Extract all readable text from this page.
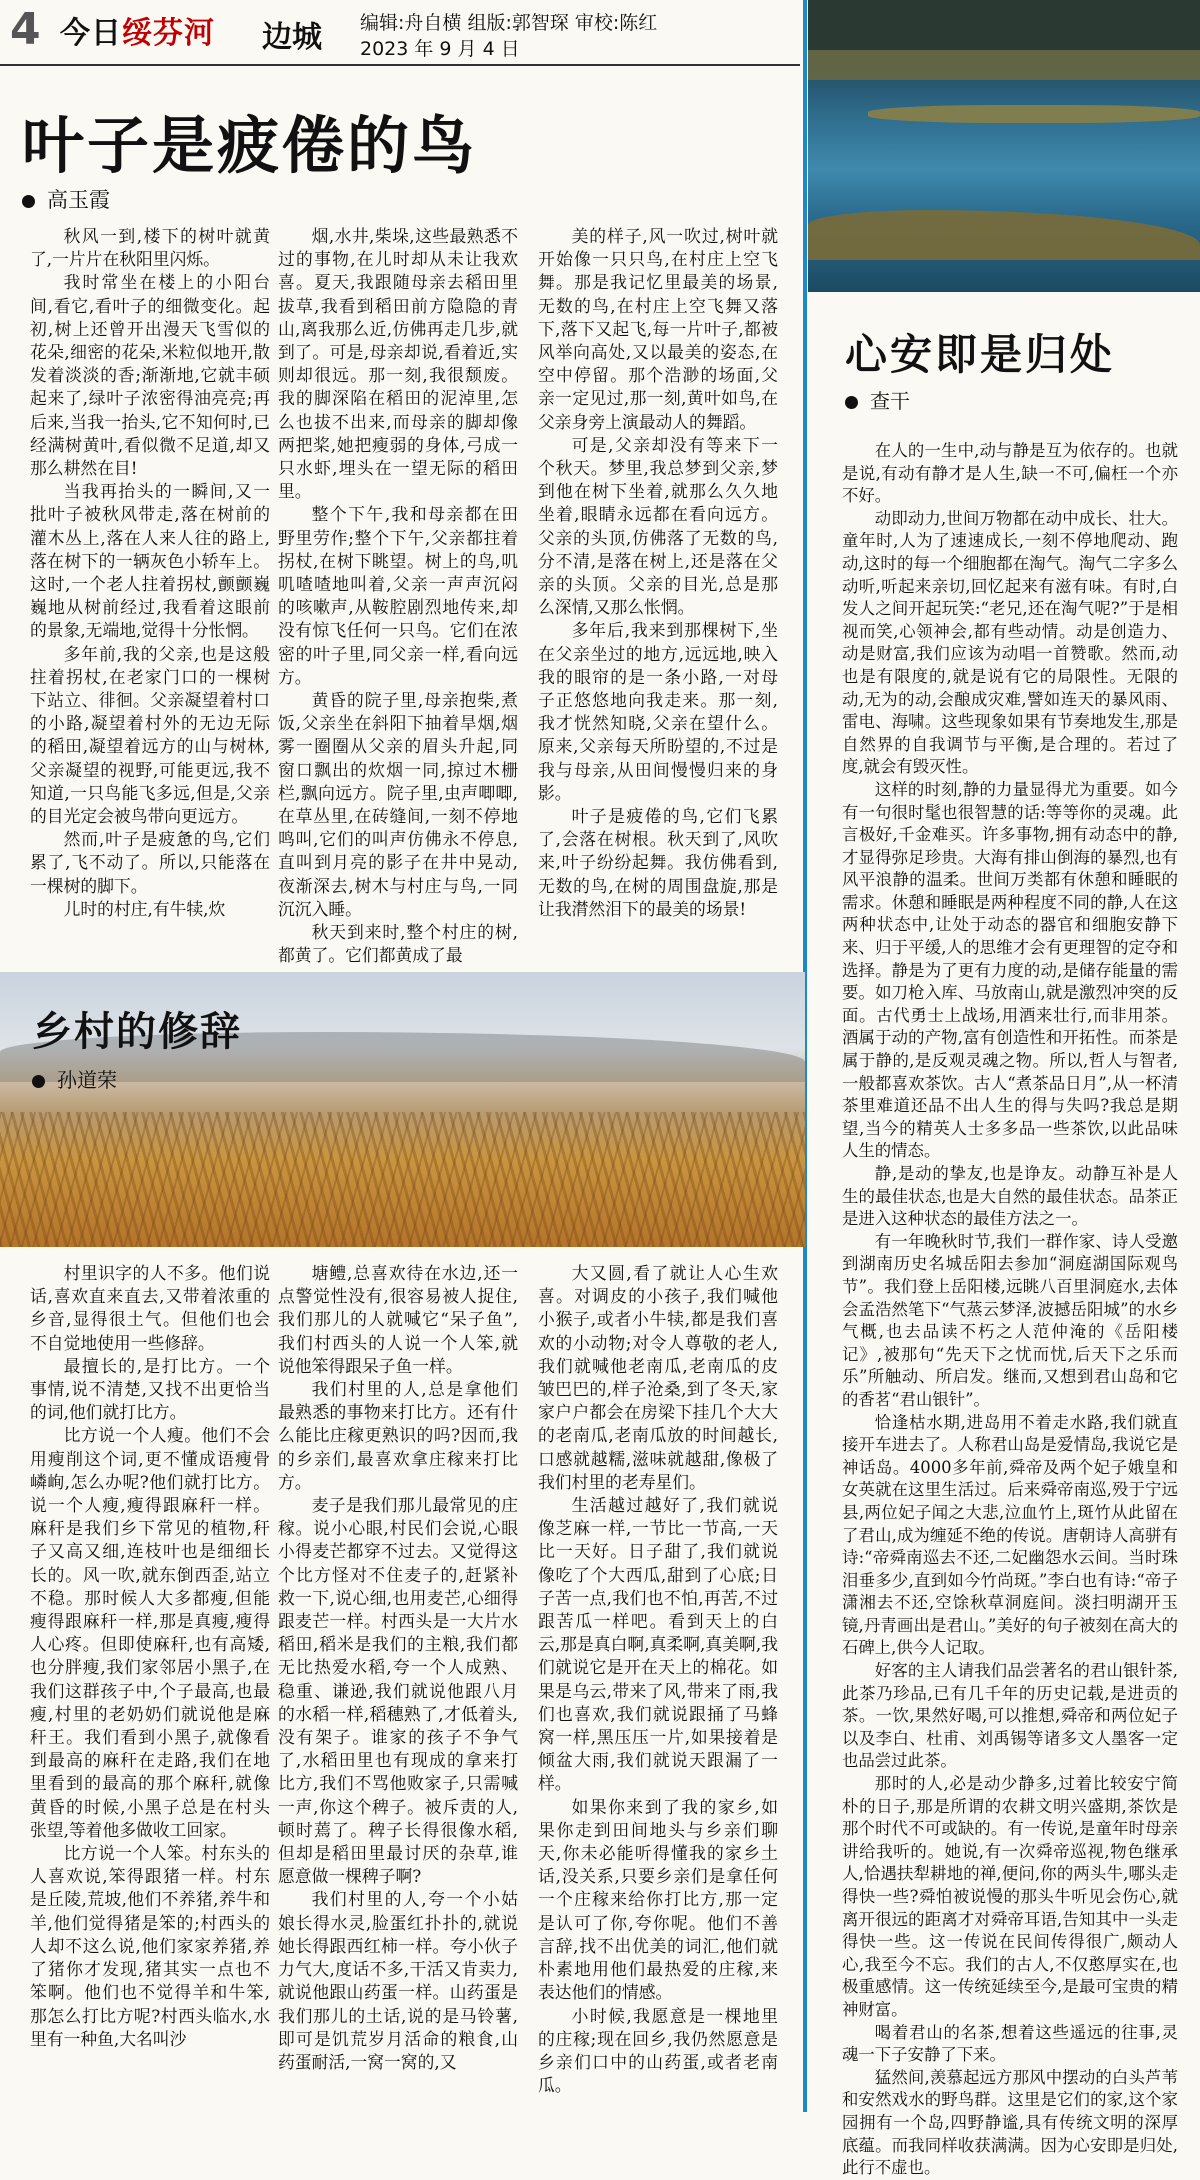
4 今日绥芬河 边城 编辑:舟自横 组版:郭智琛 审校:陈红
2023 年 9 月 4 日
叶子是疲倦的鸟
高玉霞

秋风一到,楼下的树叶就黄了,一片片在秋阳里闪烁。

我时常坐在楼上的小阳台间,看它,看叶子的细微变化。起初,树上还曾开出漫天飞雪似的花朵,细密的花朵,米粒似地开,散发着淡淡的香;渐渐地,它就丰硕起来了,绿叶子浓密得油亮亮;再后来,当我一抬头,它不知何时,已经满树黄叶,看似微不足道,却又那么耕然在目!

当我再抬头的一瞬间,又一批叶子被秋风带走,落在树前的灌木丛上,落在人来人往的路上,落在树下的一辆灰色小轿车上。这时,一个老人拄着拐杖,颤颤巍巍地从树前经过,我看着这眼前的景象,无端地,觉得十分怅惘。

多年前,我的父亲,也是这般拄着拐杖,在老家门口的一棵树下站立、徘徊。父亲凝望着村口的小路,凝望着村外的无边无际的稻田,凝望着远方的山与树林,父亲凝望的视野,可能更远,我不知道,一只鸟能飞多远,但是,父亲的目光定会被鸟带向更远方。

然而,叶子是疲惫的鸟,它们累了,飞不动了。所以,只能落在一棵树的脚下。

儿时的村庄,有牛犊,炊

烟,水井,柴垛,这些最熟悉不过的事物,在儿时却从未让我欢喜。夏天,我跟随母亲去稻田里拔草,我看到稻田前方隐隐的青山,离我那么近,仿佛再走几步,就到了。可是,母亲却说,看着近,实则却很远。那一刻,我很颓废。我的脚深陷在稻田的泥淖里,怎么也拔不出来,而母亲的脚却像两把桨,她把瘦弱的身体,弓成一只水虾,埋头在一望无际的稻田里。

整个下午,我和母亲都在田野里劳作;整个下午,父亲都拄着拐杖,在树下眺望。树上的鸟,叽叽喳喳地叫着,父亲一声声沉闷的咳嗽声,从鞍腔剧烈地传来,却没有惊飞任何一只鸟。它们在浓密的叶子里,同父亲一样,看向远方。

黄昏的院子里,母亲抱柴,煮饭,父亲坐在斜阳下抽着旱烟,烟雾一圈圈从父亲的眉头升起,同窗口飘出的炊烟一同,掠过木栅栏,飘向远方。院子里,虫声唧唧,在草丛里,在砖缝间,一刻不停地鸣叫,它们的叫声仿佛永不停息,直叫到月亮的影子在井中晃动,夜渐深去,树木与村庄与鸟,一同沉沉入睡。

秋天到来时,整个村庄的树,都黄了。它们都黄成了最

美的样子,风一吹过,树叶就开始像一只只鸟,在村庄上空飞舞。那是我记忆里最美的场景,无数的鸟,在村庄上空飞舞又落下,落下又起飞,每一片叶子,都被风举向高处,又以最美的姿态,在空中停留。那个浩渺的场面,父亲一定见过,那一刻,黄叶如鸟,在父亲身旁上演最动人的舞蹈。

可是,父亲却没有等来下一个秋天。梦里,我总梦到父亲,梦到他在树下坐着,就那么久久地坐着,眼睛永远都在看向远方。父亲的头顶,仿佛落了无数的鸟,分不清,是落在树上,还是落在父亲的头顶。父亲的目光,总是那么深情,又那么怅惘。

多年后,我来到那棵树下,坐在父亲坐过的地方,远远地,映入我的眼帘的是一条小路,一对母子正悠悠地向我走来。那一刻,我才恍然知晓,父亲在望什么。原来,父亲每天所盼望的,不过是我与母亲,从田间慢慢归来的身影。

叶子是疲倦的鸟,它们飞累了,会落在树根。秋天到了,风吹来,叶子纷纷起舞。我仿佛看到,无数的鸟,在树的周围盘旋,那是让我潸然泪下的最美的场景!

乡村的修辞
孙道荣

村里识字的人不多。他们说话,喜欢直来直去,又带着浓重的乡音,显得很土气。但他们也会不自觉地使用一些修辞。

最擅长的,是打比方。一个事情,说不清楚,又找不出更恰当的词,他们就打比方。

比方说一个人瘦。他们不会用瘦削这个词,更不懂成语瘦骨嶙峋,怎么办呢?他们就打比方。说一个人瘦,瘦得跟麻秆一样。麻秆是我们乡下常见的植物,秆子又高又细,连枝叶也是细细长长的。风一吹,就东倒西歪,站立不稳。那时候人大多都瘦,但能瘦得跟麻秆一样,那是真瘦,瘦得人心疼。但即使麻秆,也有高矮,也分胖瘦,我们家邻居小黑子,在我们这群孩子中,个子最高,也最瘦,村里的老奶奶们就说他是麻秆王。我们看到小黑子,就像看到最高的麻秆在走路,我们在地里看到的最高的那个麻秆,就像黄昏的时候,小黑子总是在村头张望,等着他多做收工回家。

比方说一个人笨。村东头的人喜欢说,笨得跟猪一样。村东是丘陵,荒坡,他们不养猪,养牛和羊,他们觉得猪是笨的;村西头的人却不这么说,他们家家养猪,养了猪你才发现,猪其实一点也不笨啊。他们也不觉得羊和牛笨,那怎么打比方呢?村西头临水,水里有一种鱼,大名叫沙

塘鳢,总喜欢待在水边,还一点警觉性没有,很容易被人捉住,我们那儿的人就喊它“呆子鱼”,我们村西头的人说一个人笨,就说他笨得跟呆子鱼一样。

我们村里的人,总是拿他们最熟悉的事物来打比方。还有什么能比庄稼更熟识的吗?因而,我的乡亲们,最喜欢拿庄稼来打比方。

麦子是我们那儿最常见的庄稼。说小心眼,村民们会说,心眼小得麦芒都穿不过去。又觉得这个比方怪对不住麦子的,赶紧补救一下,说心细,也用麦芒,心细得跟麦芒一样。村西头是一大片水稻田,稻米是我们的主粮,我们都无比热爱水稻,夸一个人成熟、稳重、谦逊,我们就说他跟八月的水稻一样,稻穗熟了,才低着头,没有架子。谁家的孩子不争气了,水稻田里也有现成的拿来打比方,我们不骂他败家子,只需喊一声,你这个稗子。被斥责的人,顿时蔫了。稗子长得很像水稻,但却是稻田里最讨厌的杂草,谁愿意做一棵稗子啊?

我们村里的人,夸一个小姑娘长得水灵,脸蛋红扑扑的,就说她长得跟西红柿一样。夸小伙子力气大,度话不多,干活又肯卖力,就说他跟山药蛋一样。山药蛋是我们那儿的土话,说的是马铃薯,即可是饥荒岁月活命的粮食,山药蛋耐活,一窝一窝的,又

大又圆,看了就让人心生欢喜。对调皮的小孩子,我们喊他小猴子,或者小牛犊,都是我们喜欢的小动物;对令人尊敬的老人,我们就喊他老南瓜,老南瓜的皮皱巴巴的,样子沧桑,到了冬天,家家户户都会在房梁下挂几个大大的老南瓜,老南瓜放的时间越长,口感就越糯,滋味就越甜,像极了我们村里的老寿星们。

生活越过越好了,我们就说像芝麻一样,一节比一节高,一天比一天好。日子甜了,我们就说像吃了个大西瓜,甜到了心底;日子苦一点,我们也不怕,再苦,不过跟苦瓜一样吧。看到天上的白云,那是真白啊,真柔啊,真美啊,我们就说它是开在天上的棉花。如果是乌云,带来了风,带来了雨,我们也喜欢,我们就说跟捅了马蜂窝一样,黑压压一片,如果接着是倾盆大雨,我们就说天跟漏了一样。

如果你来到了我的家乡,如果你走到田间地头与乡亲们聊天,你未必能听得懂我的家乡土话,没关系,只要乡亲们是拿任何一个庄稼来给你打比方,那一定是认可了你,夸你呢。他们不善言辞,找不出优美的词汇,他们就朴素地用他们最热爱的庄稼,来表达他们的情感。

小时候,我愿意是一棵地里的庄稼;现在回乡,我仍然愿意是乡亲们口中的山药蛋,或者老南瓜。

心安即是归处
查干

在人的一生中,动与静是互为依存的。也就是说,有动有静才是人生,缺一不可,偏枉一个亦不好。

动即动力,世间万物都在动中成长、壮大。童年时,人为了速速成长,一刻不停地爬动、跑动,这时的每一个细胞都在淘气。淘气二字多么动听,听起来亲切,回忆起来有滋有味。有时,白发人之间开起玩笑:“老兄,还在淘气呢?”于是相视而笑,心领神会,都有些动情。动是创造力、动是财富,我们应该为动唱一首赞歌。然而,动也是有限度的,就是说有它的局限性。无限的动,无为的动,会酿成灾难,譬如连天的暴风雨、雷电、海啸。这些现象如果有节奏地发生,那是自然界的自我调节与平衡,是合理的。若过了度,就会有毁灭性。

这样的时刻,静的力量显得尤为重要。如今有一句很时髦也很智慧的话:等等你的灵魂。此言极好,千金难买。许多事物,拥有动态中的静,才显得弥足珍贵。大海有排山倒海的暴烈,也有风平浪静的温柔。世间万类都有休憩和睡眠的需求。休憩和睡眠是两种程度不同的静,人在这两种状态中,让处于动态的器官和细胞安静下来、归于平缓,人的思维才会有更理智的定夺和选择。静是为了更有力度的动,是储存能量的需要。如刀枪入库、马放南山,就是激烈冲突的反面。古代勇士上战场,用酒来壮行,而非用茶。酒属于动的产物,富有创造性和开拓性。而茶是属于静的,是反观灵魂之物。所以,哲人与智者,一般都喜欢茶饮。古人“煮茶品日月”,从一杯清茶里难道还品不出人生的得与失吗?我总是期望,当今的精英人士多多品一些茶饮,以此品味人生的情态。

静,是动的挚友,也是诤友。动静互补是人生的最佳状态,也是大自然的最佳状态。品茶正是进入这种状态的最佳方法之一。

有一年晚秋时节,我们一群作家、诗人受邀到湖南历史名城岳阳去参加“洞庭湖国际观鸟节”。我们登上岳阳楼,远眺八百里洞庭水,去体会孟浩然笔下“气蒸云梦泽,波撼岳阳城”的水乡气概,也去品读不朽之人范仲淹的《岳阳楼记》,被那句“先天下之忧而忧,后天下之乐而乐”所触动、所启发。继而,又想到君山岛和它的香茗“君山银针”。

恰逢枯水期,进岛用不着走水路,我们就直接开车进去了。人称君山岛是爱情岛,我说它是神话岛。4000多年前,舜帝及两个妃子娥皇和女英就在这里生活过。后来舜帝南巡,殁于宁远县,两位妃子闻之大悲,泣血竹上,斑竹从此留在了君山,成为缠延不绝的传说。唐朝诗人高骈有诗:“帝舜南巡去不还,二妃幽怨水云间。当时珠泪垂多少,直到如今竹尚斑。”李白也有诗:“帝子潇湘去不还,空馀秋草洞庭间。淡扫明湖开玉镜,丹青画出是君山。”美好的句子被刻在高大的石碑上,供今人记取。

好客的主人请我们品尝著名的君山银针茶,此茶乃珍品,已有几千年的历史记载,是进贡的茶。一饮,果然好喝,可以推想,舜帝和两位妃子以及李白、杜甫、刘禹锡等诸多文人墨客一定也品尝过此茶。

那时的人,必是动少静多,过着比较安宁简朴的日子,那是所谓的农耕文明兴盛期,茶饮是那个时代不可或缺的。有一传说,是童年时母亲讲给我听的。她说,有一次舜帝巡视,物色继承人,恰遇扶犁耕地的禅,便问,你的两头牛,哪头走得快一些?舜怕被说慢的那头牛听见会伤心,就离开很远的距离才对舜帝耳语,告知其中一头走得快一些。这一传说在民间传得很广,颇动人心,我至今不忘。我们的古人,不仅憨厚实在,也极重感情。这一传统延续至今,是最可宝贵的精神财富。

喝着君山的名茶,想着这些遥远的往事,灵魂一下子安静了下来。

猛然间,羡慕起远方那风中摆动的白头芦苇和安然戏水的野鸟群。这里是它们的家,这个家园拥有一个岛,四野静谧,具有传统文明的深厚底蕴。而我同样收获满满。因为心安即是归处,此行不虚也。
